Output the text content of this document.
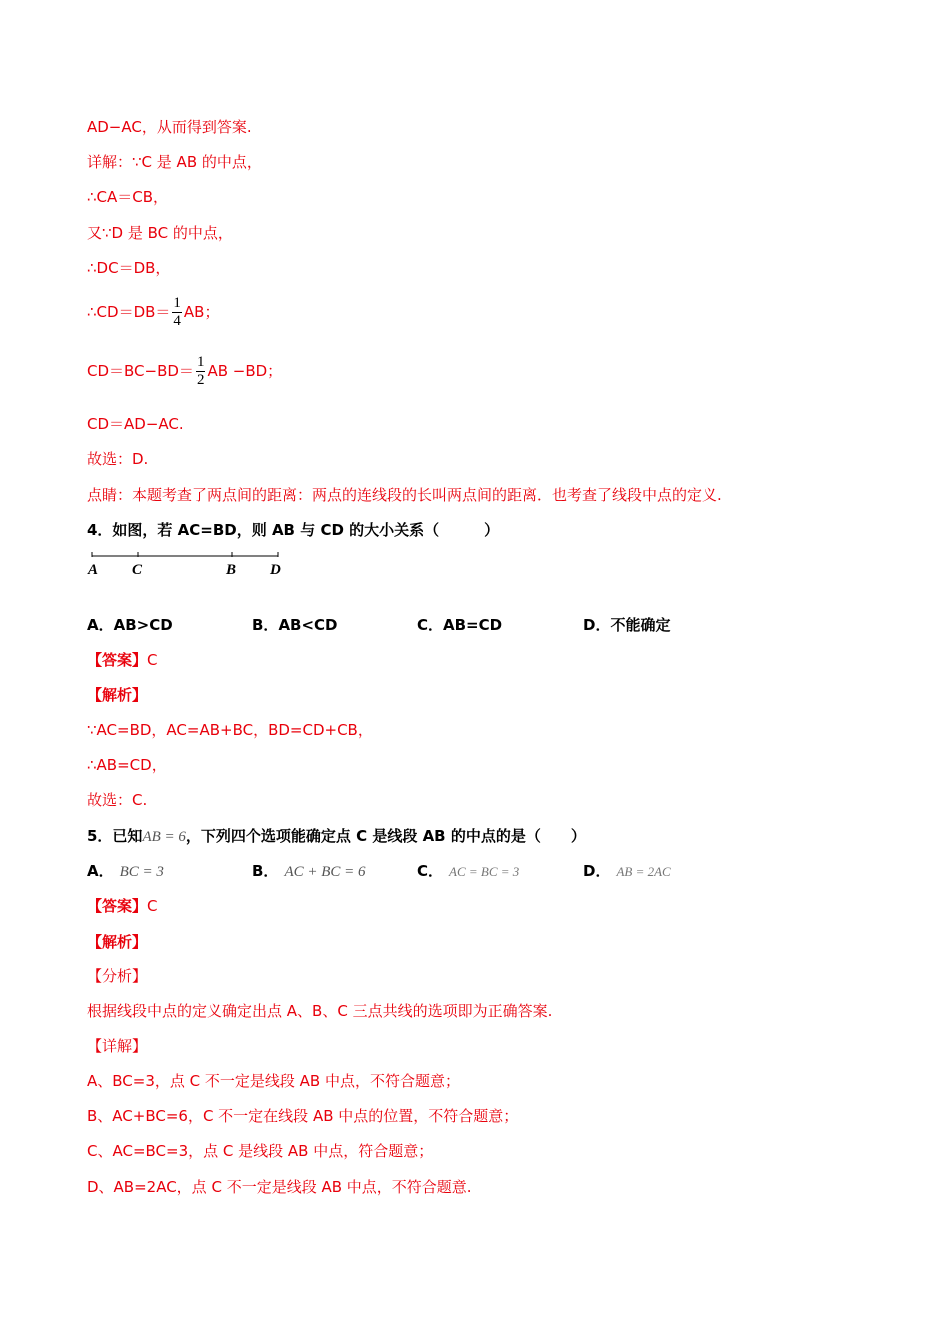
AD−AC，从而得到答案.
详解：∵C 是 AB 的中点，
∴CA＝CB，
又∵D 是 BC 的中点，
∴DC＝DB，
∴CD＝DB＝ $\frac{1}{4}$ AB；
$CD=BC-BD= \frac{1}{2}$ AB −BD；
CD＝AD−AC.
故选：D.
点睛：本题考查了两点间的距离：两点的连线段的长叫两点间的距离．也考查了线段中点的定义.
4．如图，若 AC=BD，则 AB 与 CD 的大小关系（　　　）
A C	B D
A．AB>CD	B．AB<CD	C．AB=CD	D．不能确定
【答案】C
【解析】
∵AC=BD，AC=AB+BC，BD=CD+CB，
∴AB=CD，
故选：C.
5．已知AB = 6，下列四个选项能确定点 C 是线段 AB 的中点的是（　　）
A． BC = 3	B． AC + BC = 6	C． AC = BC = 3	D． AB = 2AC
【答案】C
【解析】
【分析】
根据线段中点的定义确定出点 A、B、C 三点共线的选项即为正确答案.
【详解】
A、BC=3，点 C 不一定是线段 AB 中点，不符合题意；
B、AC+BC=6，C 不一定在线段 AB 中点的位置，不符合题意；
C、AC=BC=3，点 C 是线段 AB 中点，符合题意；
D、AB=2AC，点 C 不一定是线段 AB 中点，不符合题意.
